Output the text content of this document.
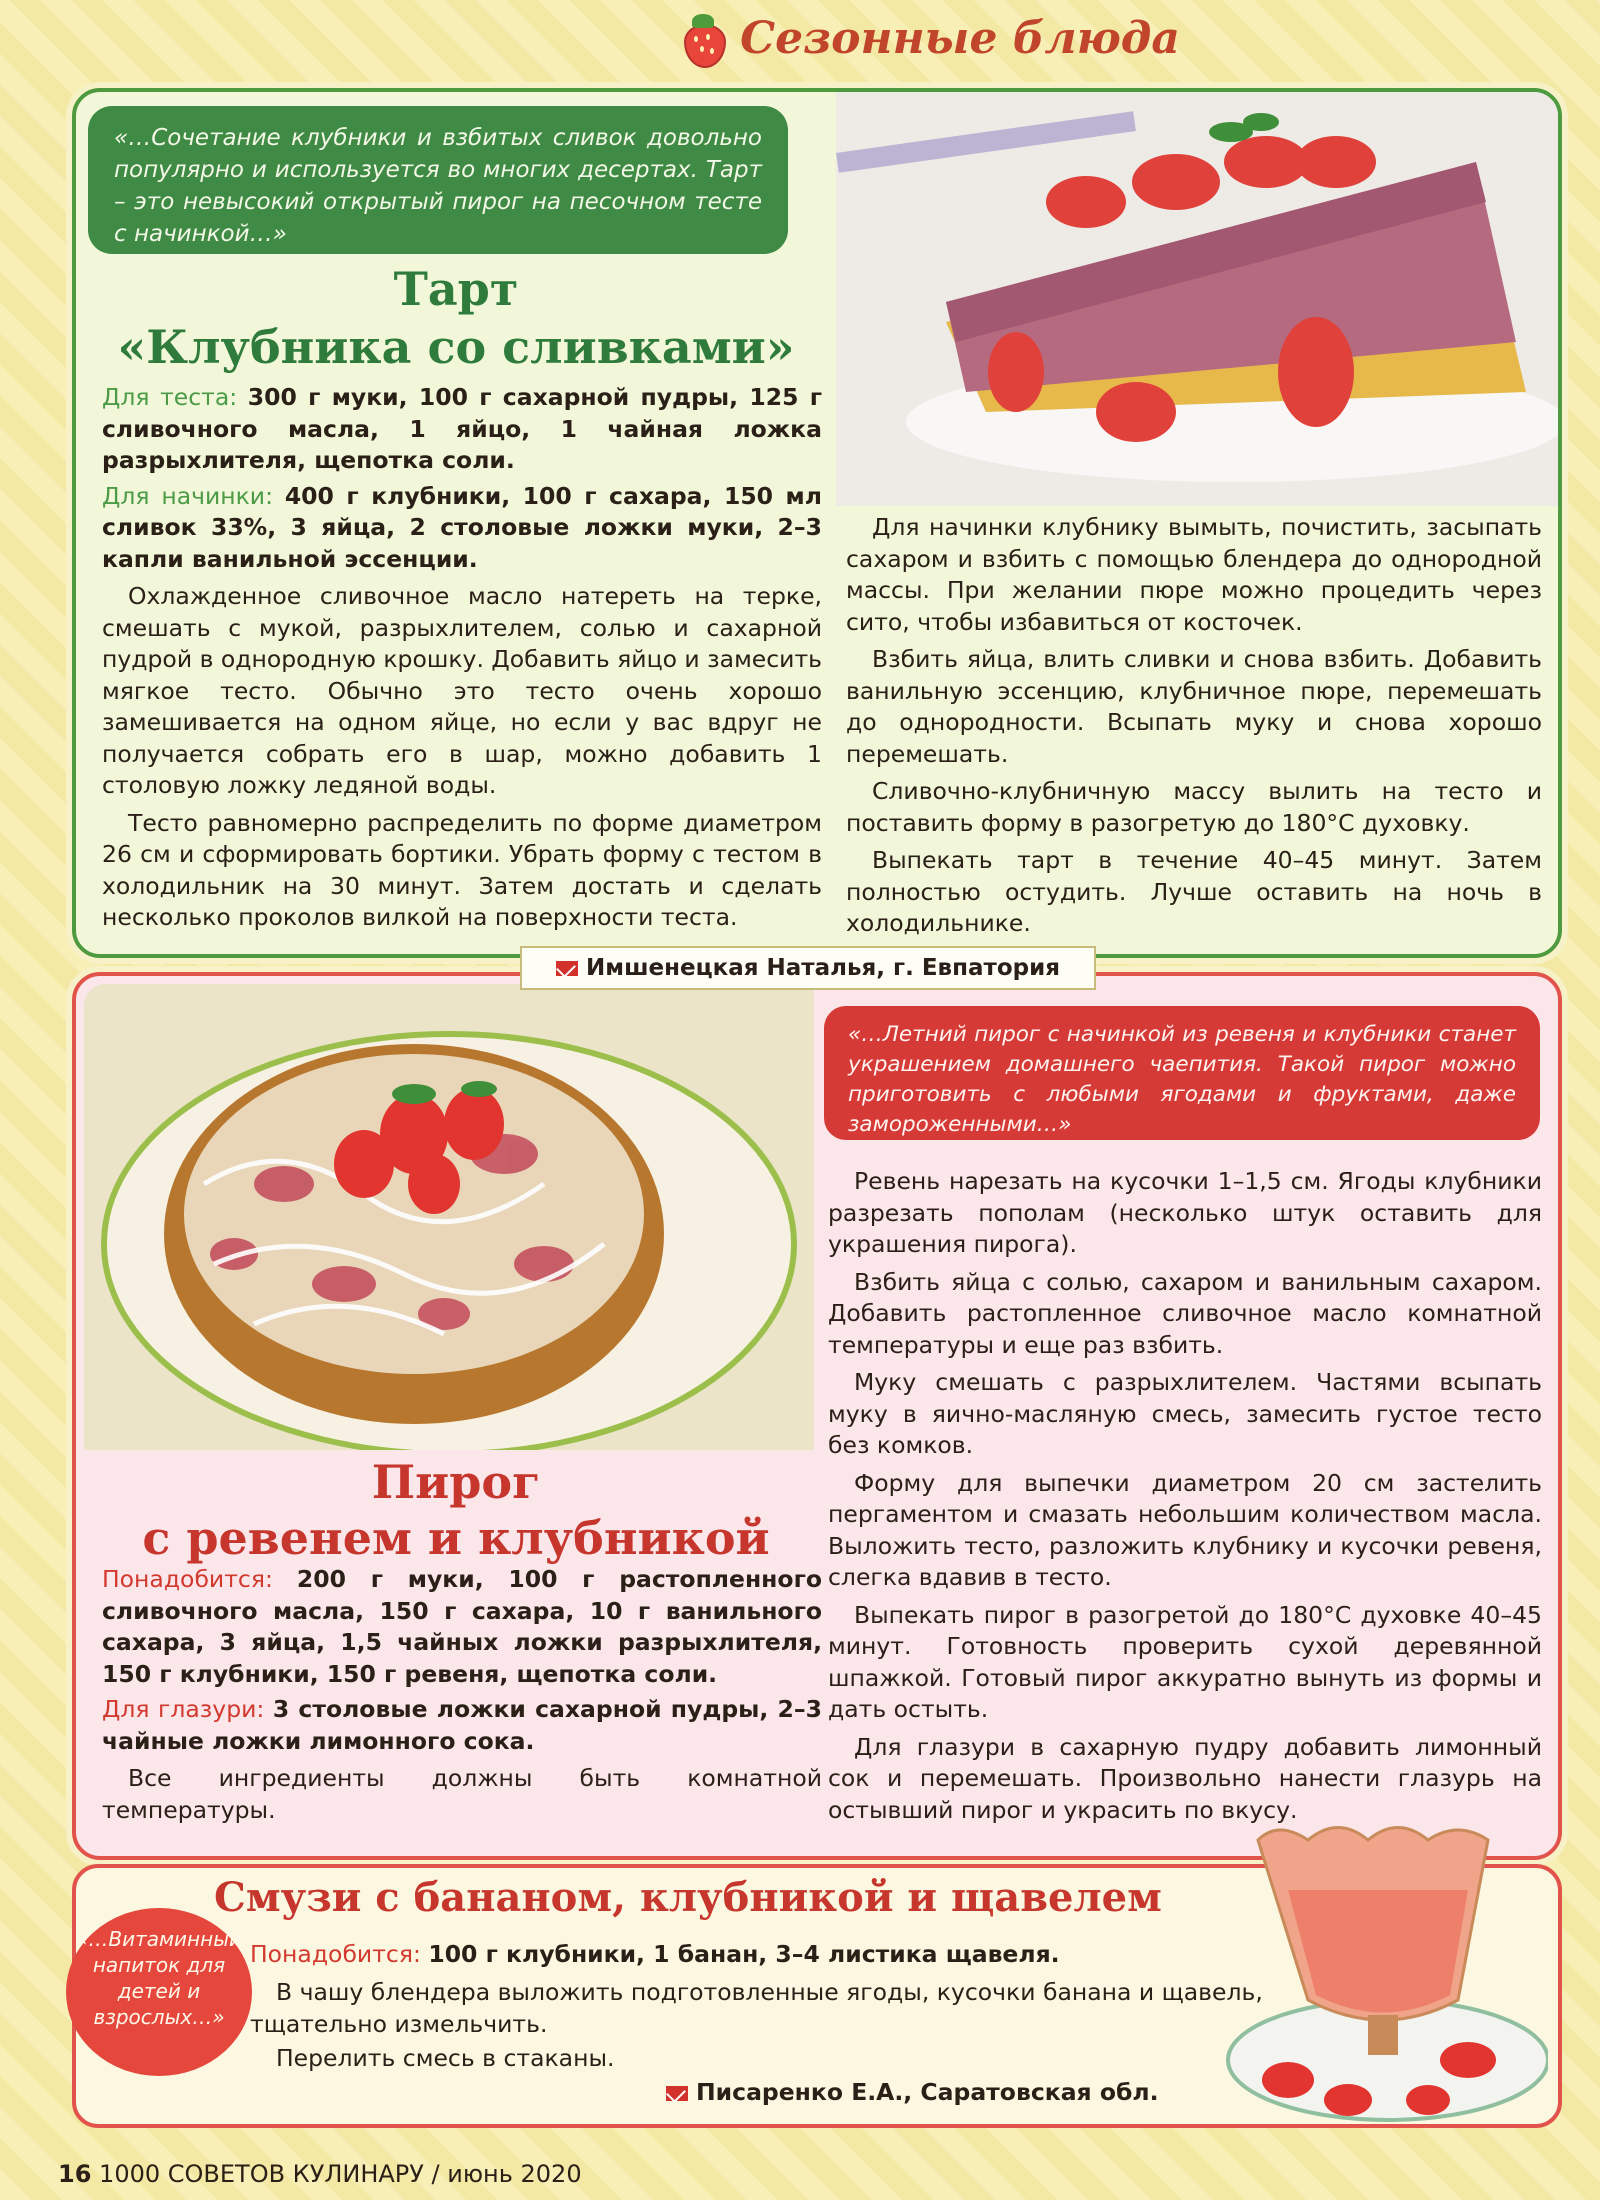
Сезонные блюда
«…Сочетание клубники и взбитых сливок довольно популярно и используется во многих десертах. Тарт – это невысокий открытый пирог на песочном тесте с начинкой…»
Тарт
«Клубника со сливками»

Для теста: 300 г муки, 100 г сахарной пудры, 125 г сливочного масла, 1 яйцо, 1 чайная ложка разрыхлителя, щепотка соли.

Для начинки: 400 г клубники, 100 г сахара, 150 мл сливок 33%, 3 яйца, 2 столовые ложки муки, 2–3 капли ванильной эссенции.

Охлажденное сливочное масло натереть на терке, смешать с мукой, разрыхлителем, солью и сахарной пудрой в однородную крошку. Добавить яйцо и замесить мягкое тесто. Обычно это тесто очень хорошо замешивается на одном яйце, но если у вас вдруг не получается собрать его в шар, можно добавить 1 столовую ложку ледяной воды.

Тесто равномерно распределить по форме диаметром 26 см и сформировать бортики. Убрать форму с тестом в холодильник на 30 минут. Затем достать и сделать несколько проколов вилкой на поверхности теста.

Для начинки клубнику вымыть, почистить, засыпать сахаром и взбить с помощью блендера до однородной массы. При желании пюре можно процедить через сито, чтобы избавиться от косточек.

Взбить яйца, влить сливки и снова взбить. Добавить ванильную эссенцию, клубничное пюре, перемешать до однородности. Всыпать муку и снова хорошо перемешать.

Сливочно-клубничную массу вылить на тесто и поставить форму в разогретую до 180°С духовку.

Выпекать тарт в течение 40–45 минут. Затем полностью остудить. Лучше оставить на ночь в холодильнике.

Имшенецкая Наталья, г. Евпатория
«…Летний пирог с начинкой из ревеня и клубники станет украшением домашнего чаепития. Такой пирог можно приготовить с любыми ягодами и фруктами, даже замороженными…»
Пирог
с ревенем и клубникой

Понадобится: 200 г муки, 100 г растопленного сливочного масла, 150 г сахара, 10 г ванильного сахара, 3 яйца, 1,5 чайных ложки разрыхлителя, 150 г клубники, 150 г ревеня, щепотка соли.

Для глазури: 3 столовые ложки сахарной пудры, 2–3 чайные ложки лимонного сока.

Все ингредиенты должны быть комнатной температуры.

Ревень нарезать на кусочки 1–1,5 см. Ягоды клубники разрезать пополам (несколько штук оставить для украшения пирога).

Взбить яйца с солью, сахаром и ванильным сахаром. Добавить растопленное сливочное масло комнатной температуры и еще раз взбить.

Муку смешать с разрыхлителем. Частями всыпать муку в яично-масляную смесь, замесить густое тесто без комков.

Форму для выпечки диаметром 20 см застелить пергаментом и смазать небольшим количеством масла. Выложить тесто, разложить клубнику и кусочки ревеня, слегка вдавив в тесто.

Выпекать пирог в разогретой до 180°С духовке 40–45 минут. Готовность проверить сухой деревянной шпажкой. Готовый пирог аккуратно вынуть из формы и дать остыть.

Для глазури в сахарную пудру добавить лимонный сок и перемешать. Произвольно нанести глазурь на остывший пирог и украсить по вкусу.

«…Витаминный напиток для детей и взрослых…»
Смузи с бананом, клубникой и щавелем

Понадобится: 100 г клубники, 1 банан, 3–4 листика щавеля.

В чашу блендера выложить подготовленные ягоды, кусочки банана и щавель, тщательно измельчить.

Перелить смесь в стаканы.

Писаренко Е.А., Саратовская обл.
16 1000 СОВЕТОВ КУЛИНАРУ / июнь 2020
